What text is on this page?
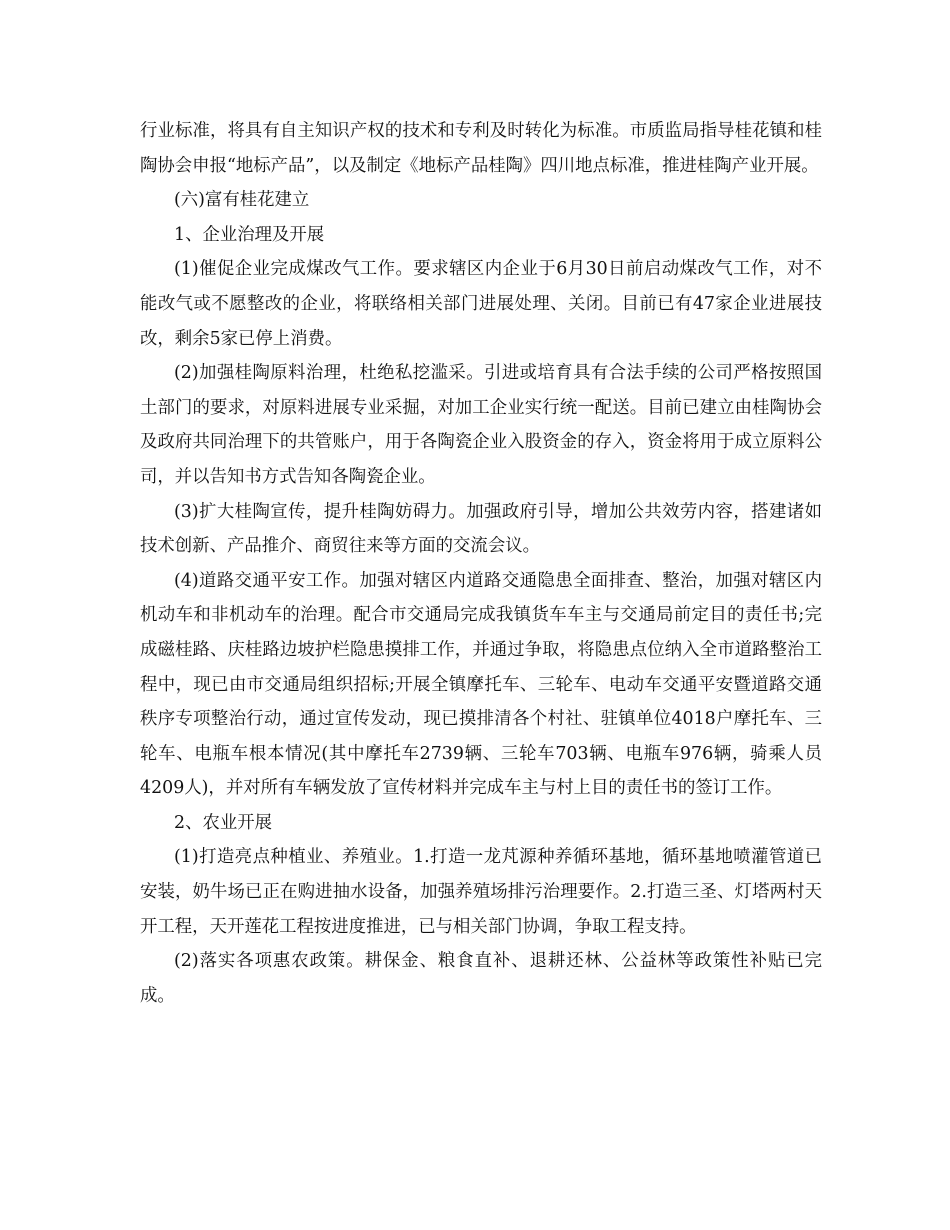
行业标准，将具有自主知识产权的技术和专利及时转化为标准。市质监局指导桂花镇和桂陶协会申报“地标产品”，以及制定《地标产品桂陶》四川地点标准，推进桂陶产业开展。

(六)富有桂花建立

1、企业治理及开展

(1)催促企业完成煤改气工作。要求辖区内企业于6月30日前启动煤改气工作，对不能改气或不愿整改的企业，将联络相关部门进展处理、关闭。目前已有47家企业进展技改，剩余5家已停上消费。

(2)加强桂陶原料治理，杜绝私挖滥采。引进或培育具有合法手续的公司严格按照国土部门的要求，对原料进展专业采掘，对加工企业实行统一配送。目前已建立由桂陶协会及政府共同治理下的共管账户，用于各陶瓷企业入股资金的存入，资金将用于成立原料公司，并以告知书方式告知各陶瓷企业。

(3)扩大桂陶宣传，提升桂陶妨碍力。加强政府引导，增加公共效劳内容，搭建诸如技术创新、产品推介、商贸往来等方面的交流会议。

(4)道路交通平安工作。加强对辖区内道路交通隐患全面排查、整治，加强对辖区内机动车和非机动车的治理。配合市交通局完成我镇货车车主与交通局前定目的责任书;完成磁桂路、庆桂路边坡护栏隐患摸排工作，并通过争取，将隐患点位纳入全市道路整治工程中，现已由市交通局组织招标;开展全镇摩托车、三轮车、电动车交通平安暨道路交通秩序专项整治行动，通过宣传发动，现已摸排清各个村社、驻镇单位4018户摩托车、三轮车、电瓶车根本情况(其中摩托车2739辆、三轮车703辆、电瓶车976辆，骑乘人员4209人)，并对所有车辆发放了宣传材料并完成车主与村上目的责任书的签订工作。

2、农业开展

(1)打造亮点种植业、养殖业。1.打造一龙芃源种养循环基地，循环基地喷灌管道已安装，奶牛场已正在购进抽水设备，加强养殖场排污治理要作。2.打造三圣、灯塔两村天开工程，天开莲花工程按进度推进，已与相关部门协调，争取工程支持。

(2)落实各项惠农政策。耕保金、粮食直补、退耕还林、公益林等政策性补贴已完成。
